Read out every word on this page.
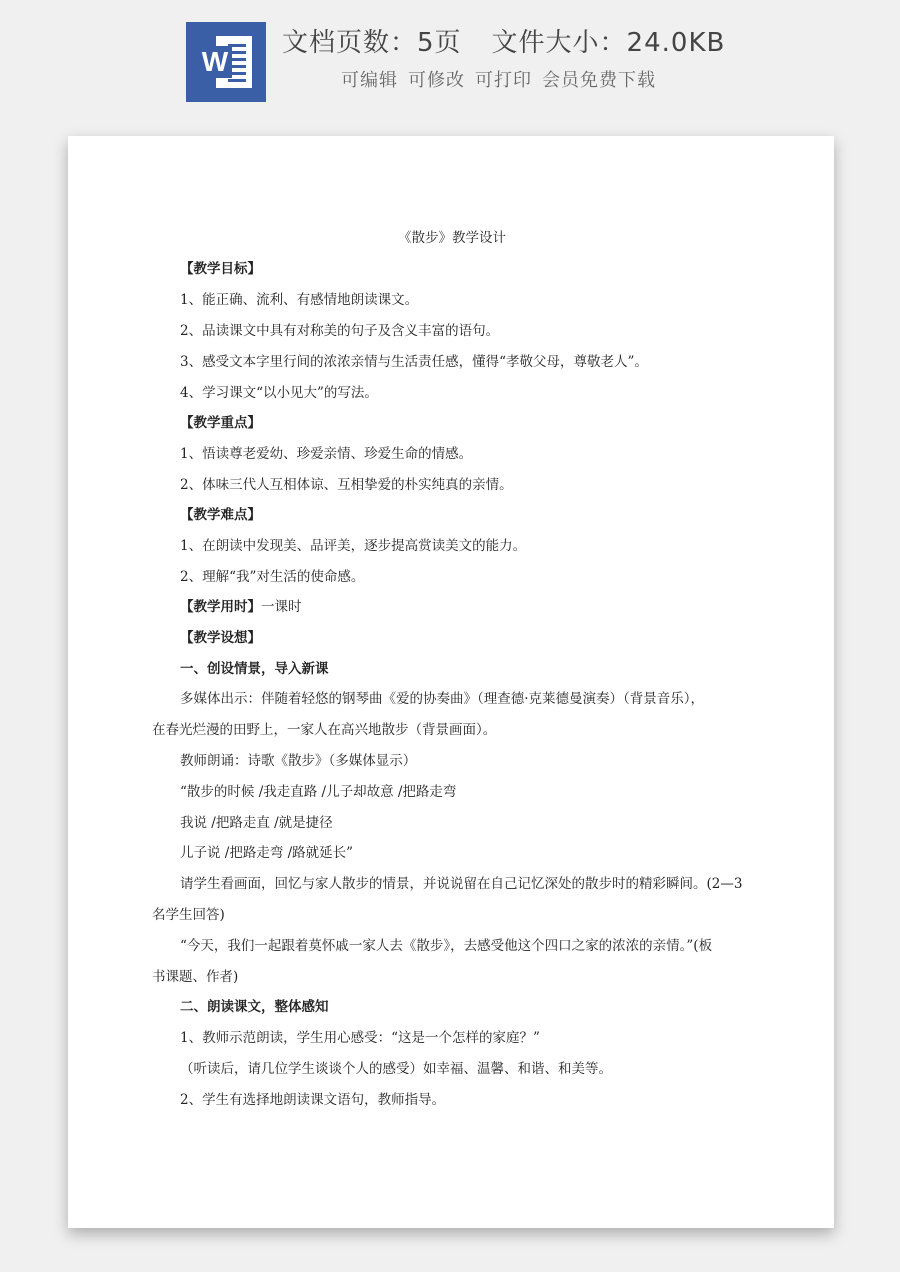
W
文档页数：5页 文件大小：24.0KB
可编辑 可修改 可打印 会员免费下载
《散步》教学设计
【教学目标】
1、能正确、流利、有感情地朗读课文。
2、品读课文中具有对称美的句子及含义丰富的语句。
3、感受文本字里行间的浓浓亲情与生活责任感，懂得“孝敬父母，尊敬老人”。
4、学习课文“以小见大”的写法。
【教学重点】
1、悟读尊老爱幼、珍爱亲情、珍爱生命的情感。
2、体味三代人互相体谅、互相挚爱的朴实纯真的亲情。
【教学难点】
1、在朗读中发现美、品评美，逐步提高赏读美文的能力。
2、理解“我”对生活的使命感。
【教学用时】一课时
【教学设想】
一、创设情景，导入新课
多媒体出示：伴随着轻悠的钢琴曲《爱的协奏曲》（理查德·克莱德曼演奏）（背景音乐），
在春光烂漫的田野上，一家人在高兴地散步（背景画面）。
教师朗诵：诗歌《散步》（多媒体显示）
“散步的时候 /我走直路 /儿子却故意 /把路走弯
我说 /把路走直 /就是捷径
儿子说 /把路走弯 /路就延长”
请学生看画面，回忆与家人散步的情景，并说说留在自己记忆深处的散步时的精彩瞬间。(2—3
名学生回答)
“今天，我们一起跟着莫怀戚一家人去《散步》，去感受他这个四口之家的浓浓的亲情。”(板
书课题、作者)
二、朗读课文，整体感知
1、教师示范朗读，学生用心感受：“这是一个怎样的家庭？”
（听读后，请几位学生谈谈个人的感受）如幸福、温馨、和谐、和美等。
2、学生有选择地朗读课文语句，教师指导。
